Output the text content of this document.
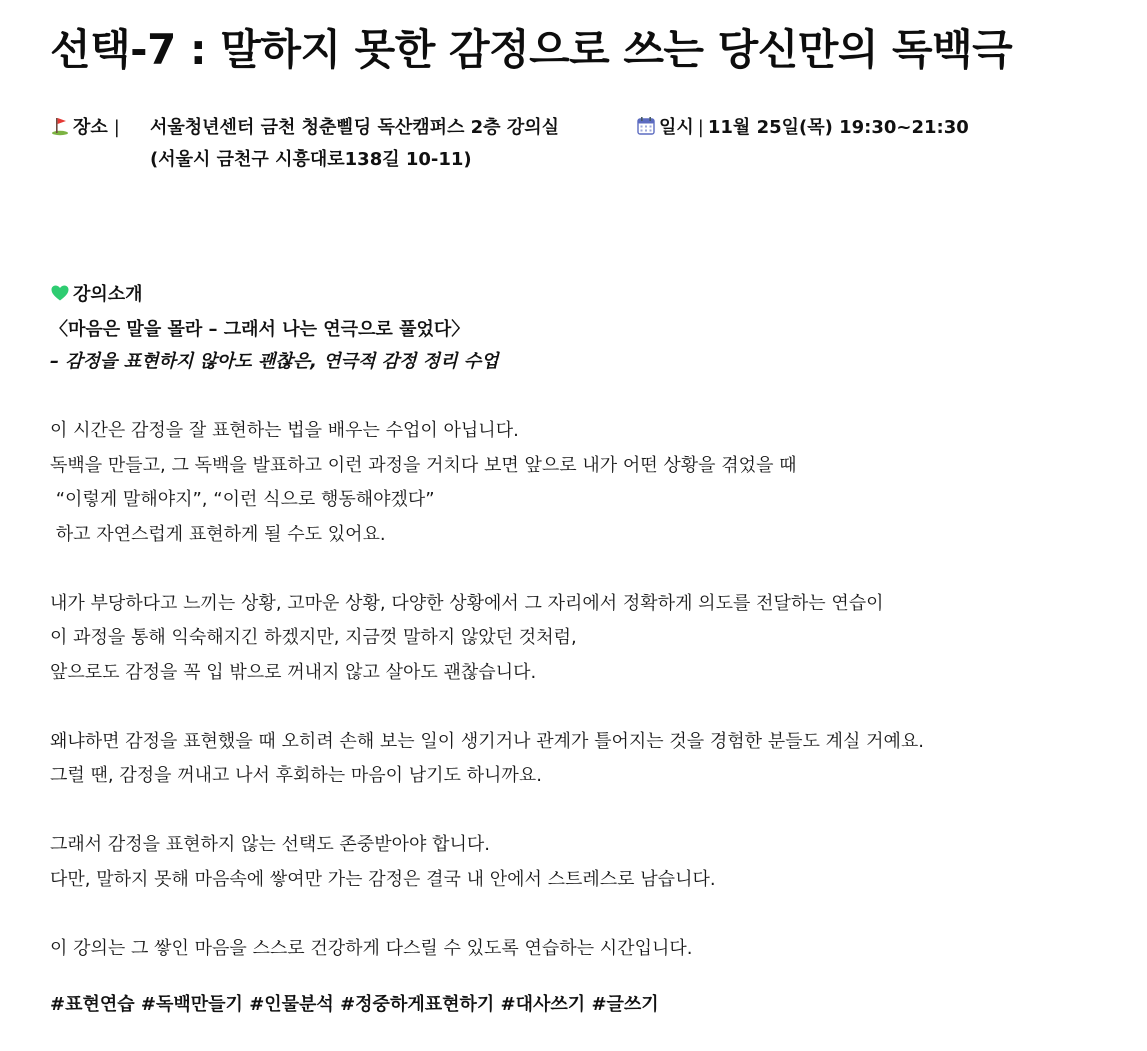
선택-7 : 말하지 못한 감정으로 쓰는 당신만의 독백극
장소 | 서울청년센터 금천 청춘삘딩 독산캠퍼스 2층 강의실
(서울시 금천구 시흥대로138길 10-11)
일시 | 11월 25일(목) 19:30~21:30
강의소개
〈마음은 말을 몰라 – 그래서 나는 연극으로 풀었다〉
– 감정을 표현하지 않아도 괜찮은, 연극적 감정 정리 수업
이 시간은 감정을 잘 표현하는 법을 배우는 수업이 아닙니다.
독백을 만들고, 그 독백을 발표하고 이런 과정을 거치다 보면 앞으로 내가 어떤 상황을 겪었을 때
“이렇게 말해야지”, “이런 식으로 행동해야겠다”
하고 자연스럽게 표현하게 될 수도 있어요.
내가 부당하다고 느끼는 상황, 고마운 상황, 다양한 상황에서 그 자리에서 정확하게 의도를 전달하는 연습이
이 과정을 통해 익숙해지긴 하겠지만, 지금껏 말하지 않았던 것처럼,
앞으로도 감정을 꼭 입 밖으로 꺼내지 않고 살아도 괜찮습니다.
왜냐하면 감정을 표현했을 때 오히려 손해 보는 일이 생기거나 관계가 틀어지는 것을 경험한 분들도 계실 거예요.
그럴 땐, 감정을 꺼내고 나서 후회하는 마음이 남기도 하니까요.
그래서 감정을 표현하지 않는 선택도 존중받아야 합니다.
다만, 말하지 못해 마음속에 쌓여만 가는 감정은 결국 내 안에서 스트레스로 남습니다.
이 강의는 그 쌓인 마음을 스스로 건강하게 다스릴 수 있도록 연습하는 시간입니다.
#표현연습 #독백만들기 #인물분석 #정중하게표현하기 #대사쓰기 #글쓰기
